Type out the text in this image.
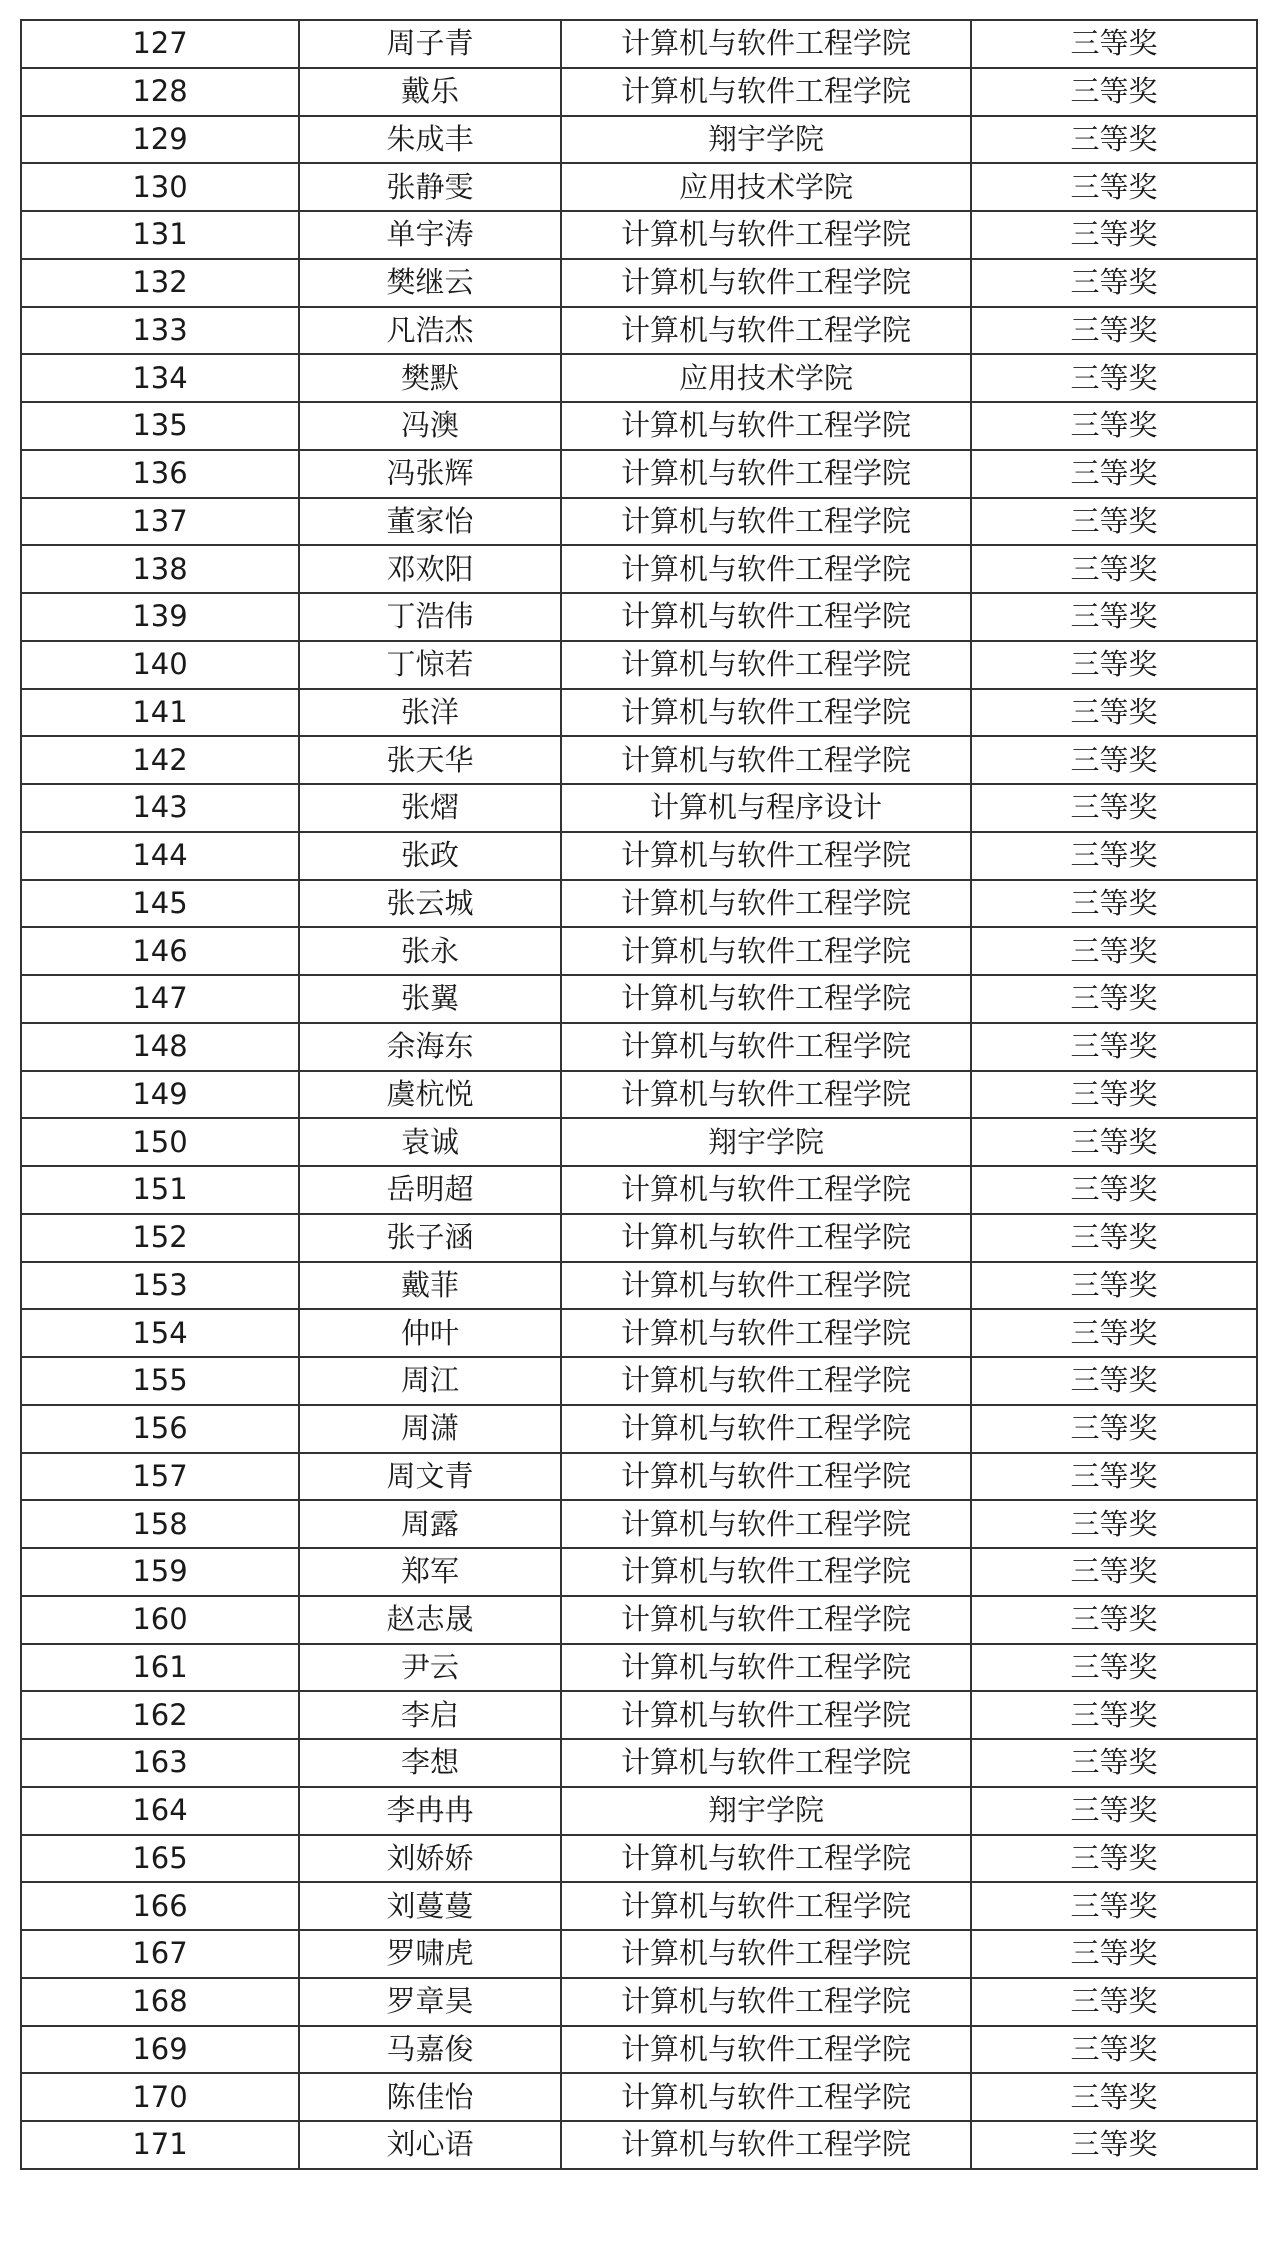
127	周子青	计算机与软件工程学院	三等奖
128	戴乐	计算机与软件工程学院	三等奖
129	朱成丰	翔宇学院	三等奖
130	张静雯	应用技术学院	三等奖
131	单宇涛	计算机与软件工程学院	三等奖
132	樊继云	计算机与软件工程学院	三等奖
133	凡浩杰	计算机与软件工程学院	三等奖
134	樊默	应用技术学院	三等奖
135	冯澳	计算机与软件工程学院	三等奖
136	冯张辉	计算机与软件工程学院	三等奖
137	董家怡	计算机与软件工程学院	三等奖
138	邓欢阳	计算机与软件工程学院	三等奖
139	丁浩伟	计算机与软件工程学院	三等奖
140	丁惊若	计算机与软件工程学院	三等奖
141	张洋	计算机与软件工程学院	三等奖
142	张天华	计算机与软件工程学院	三等奖
143	张熠	计算机与程序设计	三等奖
144	张政	计算机与软件工程学院	三等奖
145	张云城	计算机与软件工程学院	三等奖
146	张永	计算机与软件工程学院	三等奖
147	张翼	计算机与软件工程学院	三等奖
148	余海东	计算机与软件工程学院	三等奖
149	虞杭悦	计算机与软件工程学院	三等奖
150	袁诚	翔宇学院	三等奖
151	岳明超	计算机与软件工程学院	三等奖
152	张子涵	计算机与软件工程学院	三等奖
153	戴菲	计算机与软件工程学院	三等奖
154	仲叶	计算机与软件工程学院	三等奖
155	周江	计算机与软件工程学院	三等奖
156	周潇	计算机与软件工程学院	三等奖
157	周文青	计算机与软件工程学院	三等奖
158	周露	计算机与软件工程学院	三等奖
159	郑军	计算机与软件工程学院	三等奖
160	赵志晟	计算机与软件工程学院	三等奖
161	尹云	计算机与软件工程学院	三等奖
162	李启	计算机与软件工程学院	三等奖
163	李想	计算机与软件工程学院	三等奖
164	李冉冉	翔宇学院	三等奖
165	刘娇娇	计算机与软件工程学院	三等奖
166	刘蔓蔓	计算机与软件工程学院	三等奖
167	罗啸虎	计算机与软件工程学院	三等奖
168	罗章昊	计算机与软件工程学院	三等奖
169	马嘉俊	计算机与软件工程学院	三等奖
170	陈佳怡	计算机与软件工程学院	三等奖
171	刘心语	计算机与软件工程学院	三等奖
